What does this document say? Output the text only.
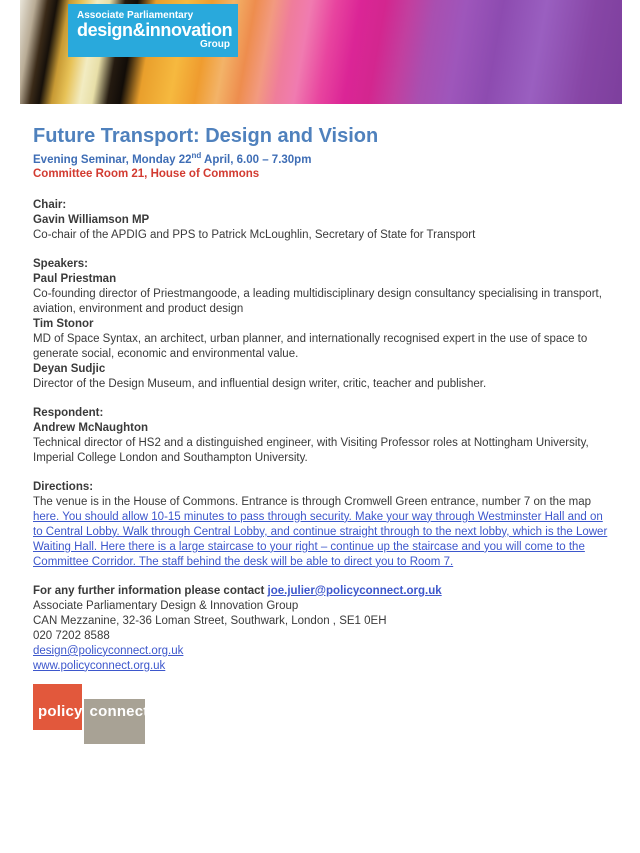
Associate Parliamentary
design&innovation
Group
Future Transport: Design and Vision

Evening Seminar, Monday 22nd April, 6.00 – 7.30pm

Committee Room 21, House of Commons

Chair:

Gavin Williamson MP

Co-chair of the APDIG and PPS to Patrick McLoughlin, Secretary of State for Transport

Speakers:

Paul Priestman

Co-founding director of Priestmangoode, a leading multidisciplinary design consultancy specialising in transport, aviation, environment and product design

Tim Stonor

MD of Space Syntax, an architect, urban planner, and internationally recognised expert in the use of space to generate social, economic and environmental value.

Deyan Sudjic

Director of the Design Museum, and influential design writer, critic, teacher and publisher.

Respondent:

Andrew McNaughton

Technical director of HS2 and a distinguished engineer, with Visiting Professor roles at Nottingham University, Imperial College London and Southampton University.

Directions:

The venue is in the House of Commons. Entrance is through Cromwell Green entrance, number 7 on the map here. You should allow 10-15 minutes to pass through security. Make your way through Westminster Hall and on to Central Lobby. Walk through Central Lobby, and continue straight through to the next lobby, which is the Lower Waiting Hall. Here there is a large staircase to your right – continue up the staircase and you will come to the Committee Corridor. The staff behind the desk will be able to direct you to Room 7.

For any further information please contact joe.julier@policyconnect.org.uk

Associate Parliamentary Design & Innovation Group

CAN Mezzanine, 32-36 Loman Street, Southwark, London , SE1 0EH

020 7202 8588

design@policyconnect.org.uk

www.policyconnect.org.uk

policy connect
